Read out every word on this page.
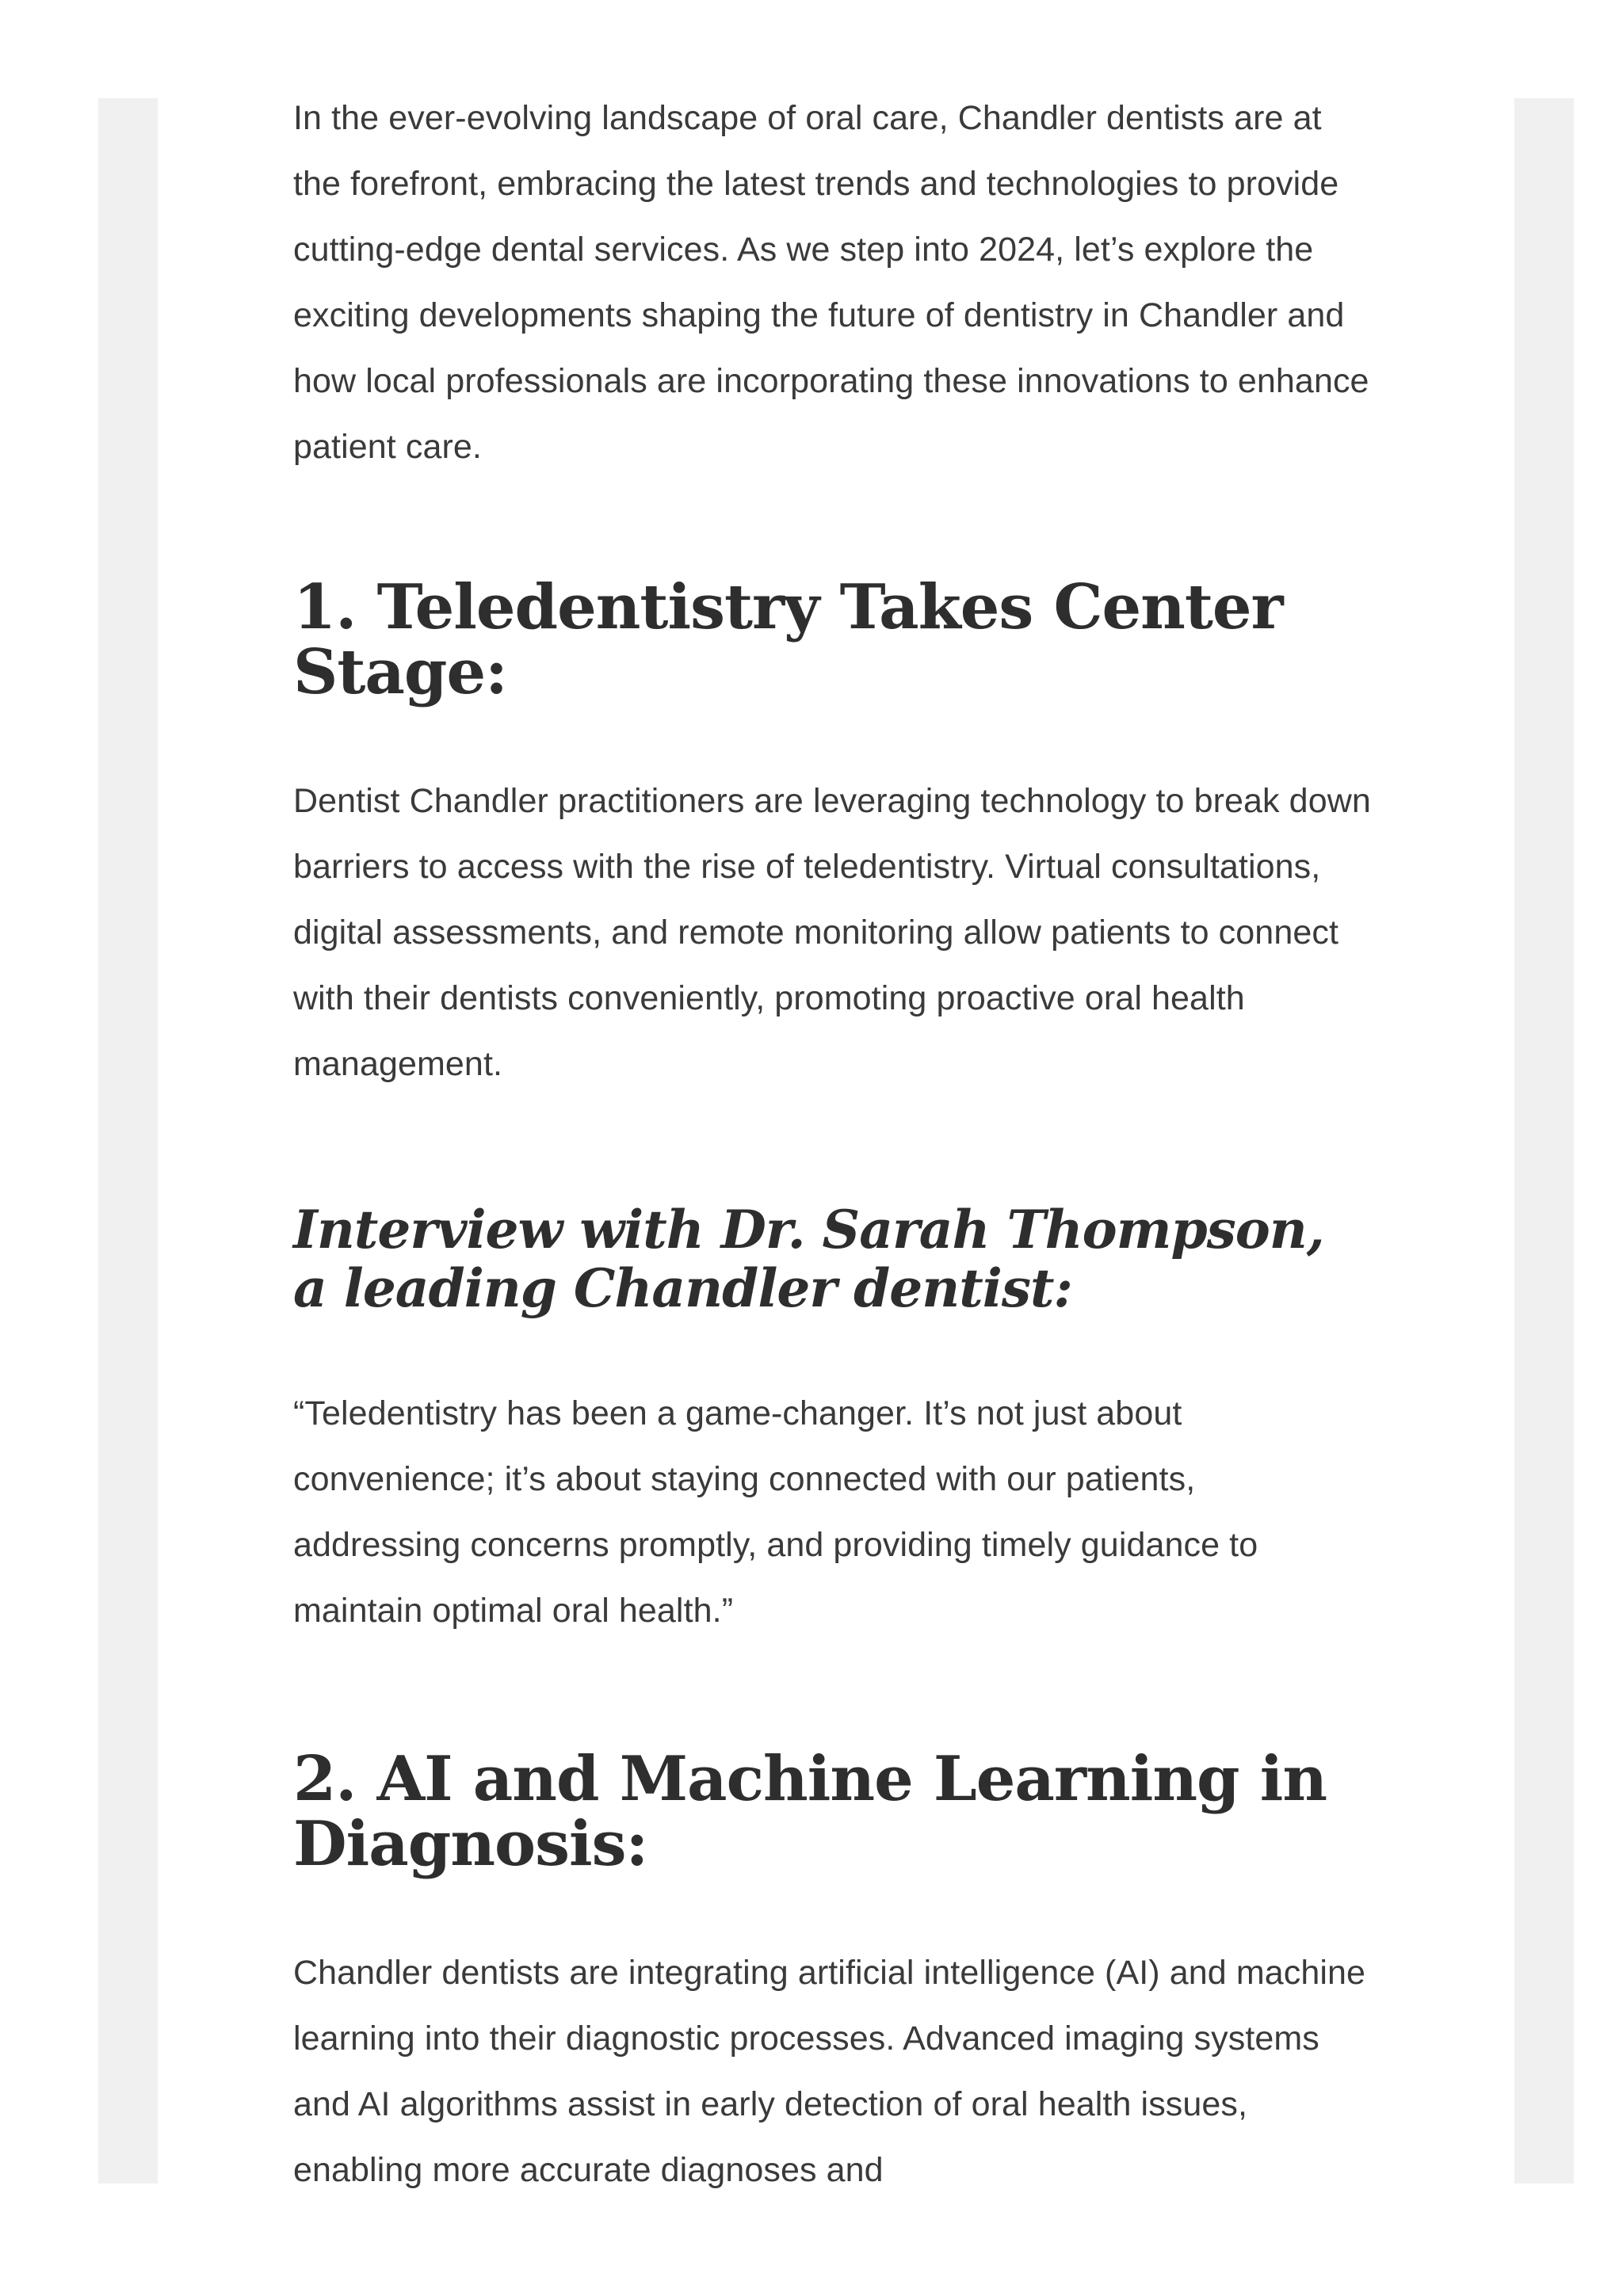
In the ever-evolving landscape of oral care, Chandler dentists are at the forefront, embracing the latest trends and technologies to provide cutting-edge dental services. As we step into 2024, let’s explore the exciting developments shaping the future of dentistry in Chandler and how local professionals are incorporating these innovations to enhance patient care.

1. Teledentistry Takes Center Stage:

Dentist Chandler practitioners are leveraging technology to break down barriers to access with the rise of teledentistry. Virtual consultations, digital assessments, and remote monitoring allow patients to connect with their dentists conveniently, promoting proactive oral health management.

Interview with Dr. Sarah Thompson, a leading Chandler dentist:

“Teledentistry has been a game-changer. It’s not just about convenience; it’s about staying connected with our patients, addressing concerns promptly, and providing timely guidance to maintain optimal oral health.”

2. AI and Machine Learning in Diagnosis:

Chandler dentists are integrating artificial intelligence (AI) and machine learning into their diagnostic processes. Advanced imaging systems and AI algorithms assist in early detection of oral health issues, enabling more accurate diagnoses and
